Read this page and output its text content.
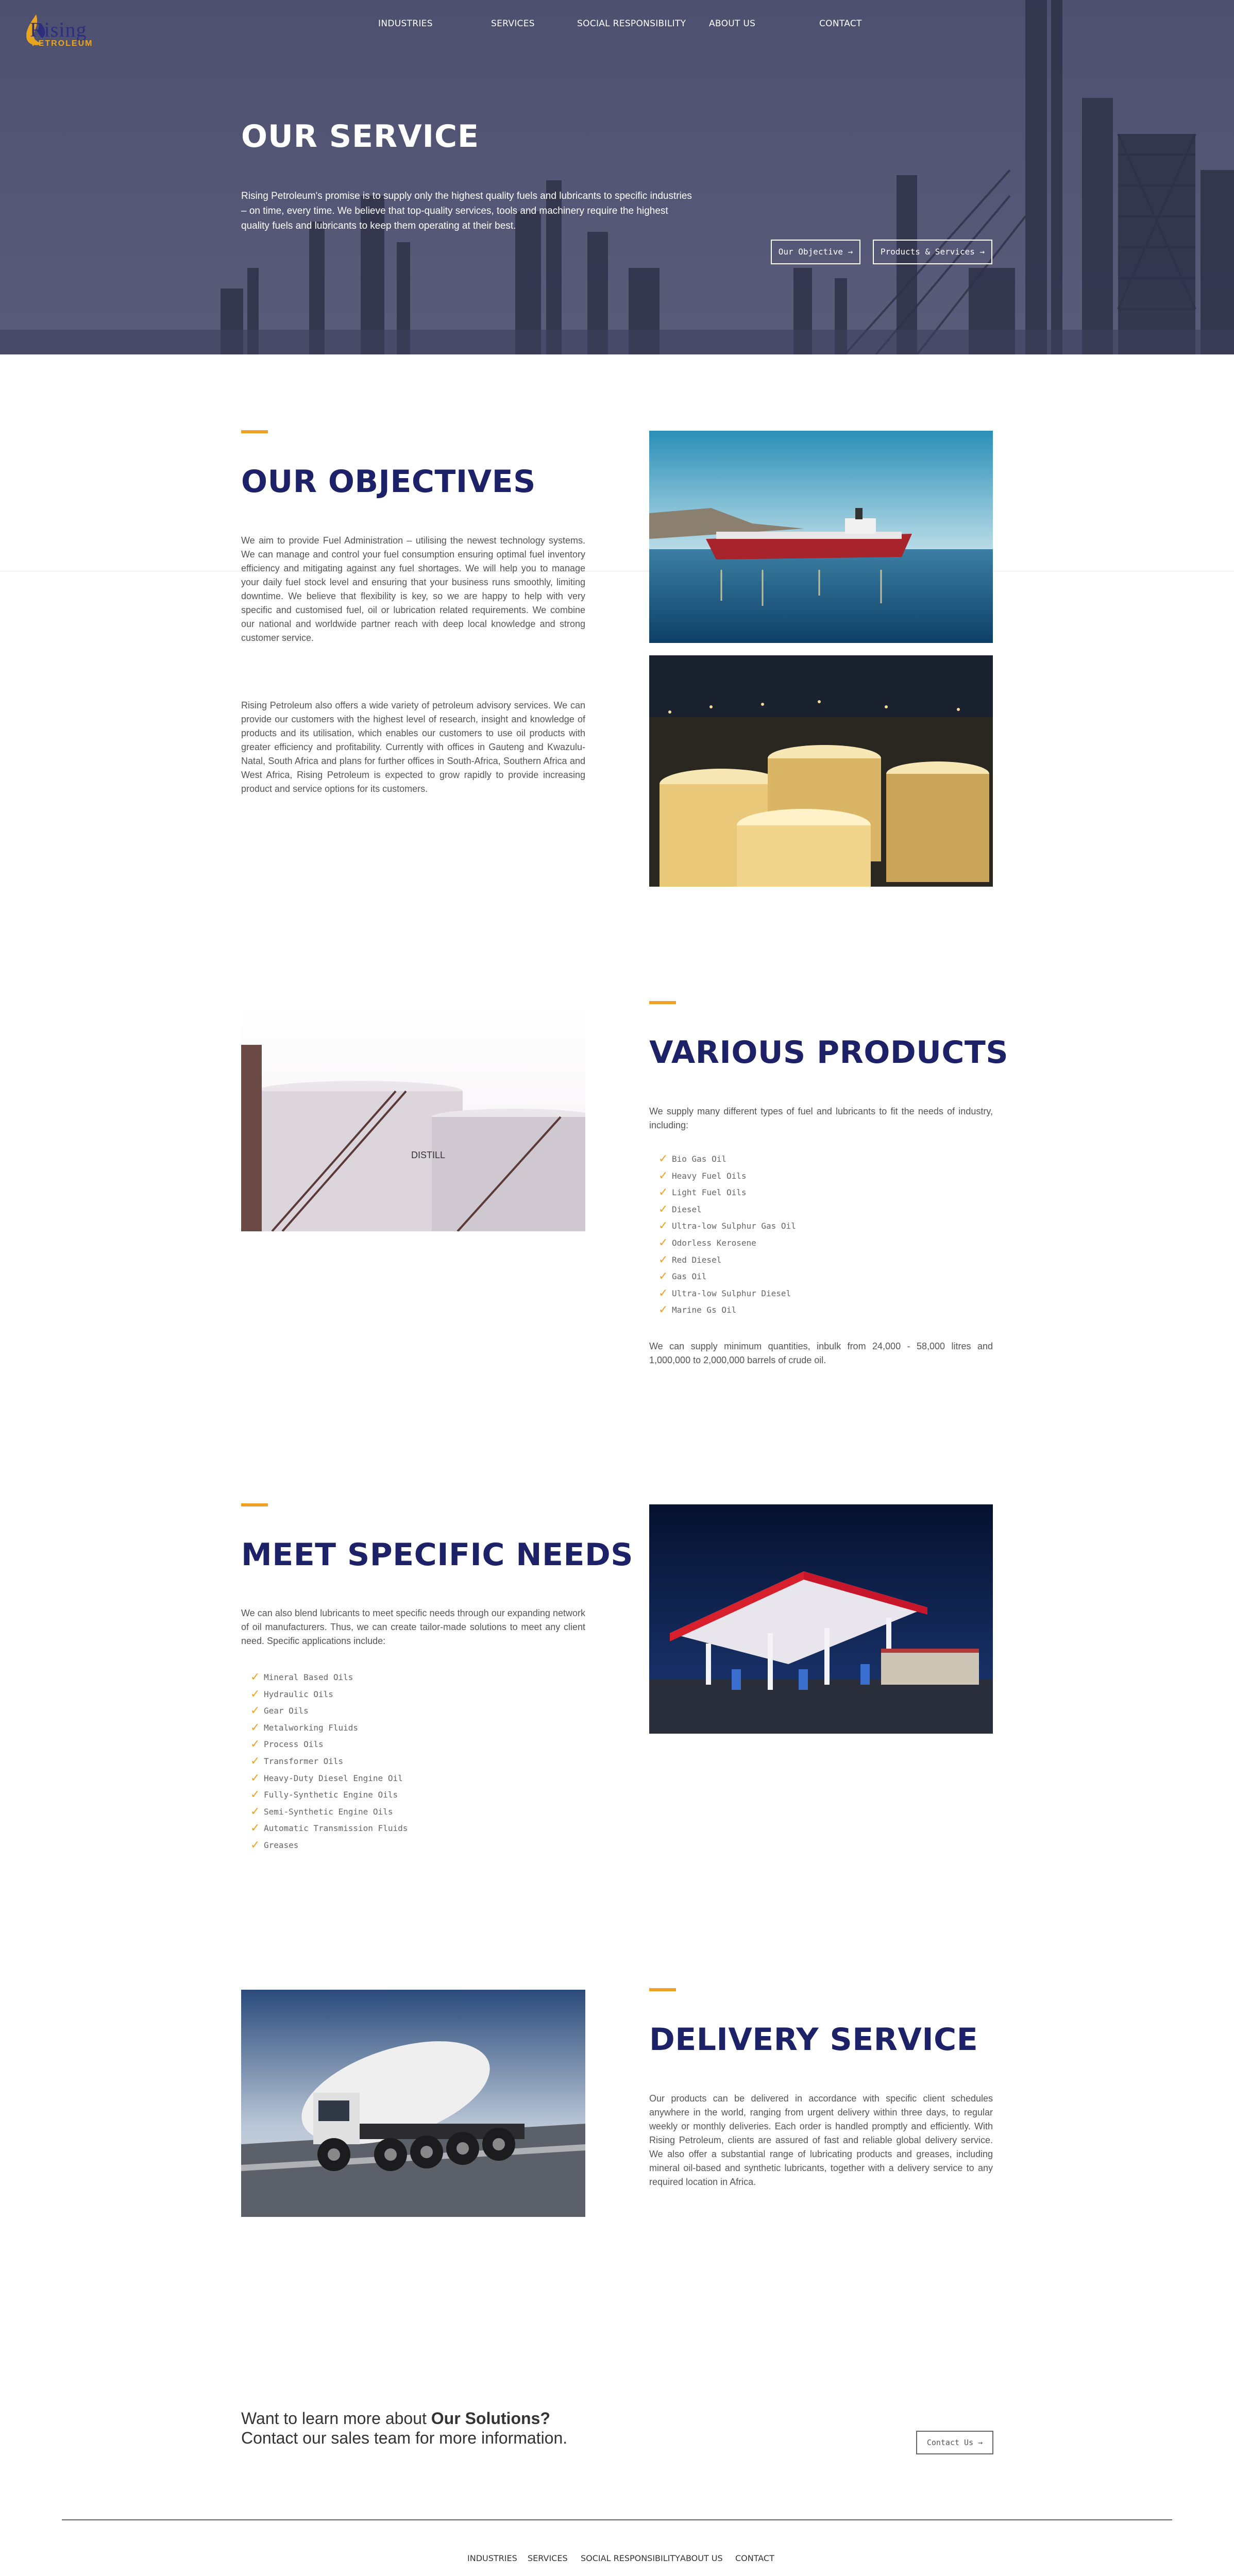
Rising
PETROLEUM
INDUSTRIES	SERVICES	SOCIAL RESPONSIBILITY	ABOUT US	CONTACT
OUR SERVICE

Rising Petroleum's promise is to supply only the highest quality fuels and lubricants to specific industries – on time, every time. We believe that top-quality services, tools and machinery require the highest quality fuels and lubricants to keep them operating at their best.

Our Objective →	Products & Services →
OUR OBJECTIVES

We aim to provide Fuel Administration – utilising the newest technology systems. We can manage and control your fuel consumption ensuring optimal fuel inventory efficiency and mitigating against any fuel shortages. We will help you to manage your daily fuel stock level and ensuring that your business runs smoothly, limiting downtime. We believe that flexibility is key, so we are happy to help with very specific and customised fuel, oil or lubrication related requirements. We combine our national and worldwide partner reach with deep local knowledge and strong customer service.

Rising Petroleum also offers a wide variety of petroleum advisory services. We can provide our customers with the highest level of research, insight and knowledge of products and its utilisation, which enables our customers to use oil products with greater efficiency and profitability. Currently with offices in Gauteng and Kwazulu-Natal, South Africa and plans for further offices in South-Africa, Southern Africa and West Africa, Rising Petroleum is expected to grow rapidly to provide increasing product and service options for its customers.

DISTILL
VARIOUS PRODUCTS

We supply many different types of fuel and lubricants to fit the needs of industry, including:

✓ Bio Gas Oil
✓ Heavy Fuel Oils
✓ Light Fuel Oils
✓ Diesel
✓ Ultra-low Sulphur Gas Oil
✓ Odorless Kerosene
✓ Red Diesel
✓ Gas Oil
✓ Ultra-low Sulphur Diesel
✓ Marine Gs Oil

We can supply minimum quantities, inbulk from 24,000 - 58,000 litres and 1,000,000 to 2,000,000 barrels of crude oil.

MEET SPECIFIC NEEDS

We can also blend lubricants to meet specific needs through our expanding network of oil manufacturers. Thus, we can create tailor-made solutions to meet any client need. Specific applications include:

✓ Mineral Based Oils
✓ Hydraulic Oils
✓ Gear Oils
✓ Metalworking Fluids
✓ Process Oils
✓ Transformer Oils
✓ Heavy-Duty Diesel Engine Oil
✓ Fully-Synthetic Engine Oils
✓ Semi-Synthetic Engine Oils
✓ Automatic Transmission Fluids
✓ Greases
DELIVERY SERVICE

Our products can be delivered in accordance with specific client schedules anywhere in the world, ranging from urgent delivery within three days, to regular weekly or monthly deliveries. Each order is handled promptly and efficiently. With Rising Petroleum, clients are assured of fast and reliable global delivery service. We also offer a substantial range of lubricating products and greases, including mineral oil-based and synthetic lubricants, together with a delivery service to any required location in Africa.

Want to learn more about Our Solutions?
Contact our sales team for more information.	Contact Us →
INDUSTRIES SERVICES SOCIAL RESPONSIBILITY ABOUT US CONTACT
